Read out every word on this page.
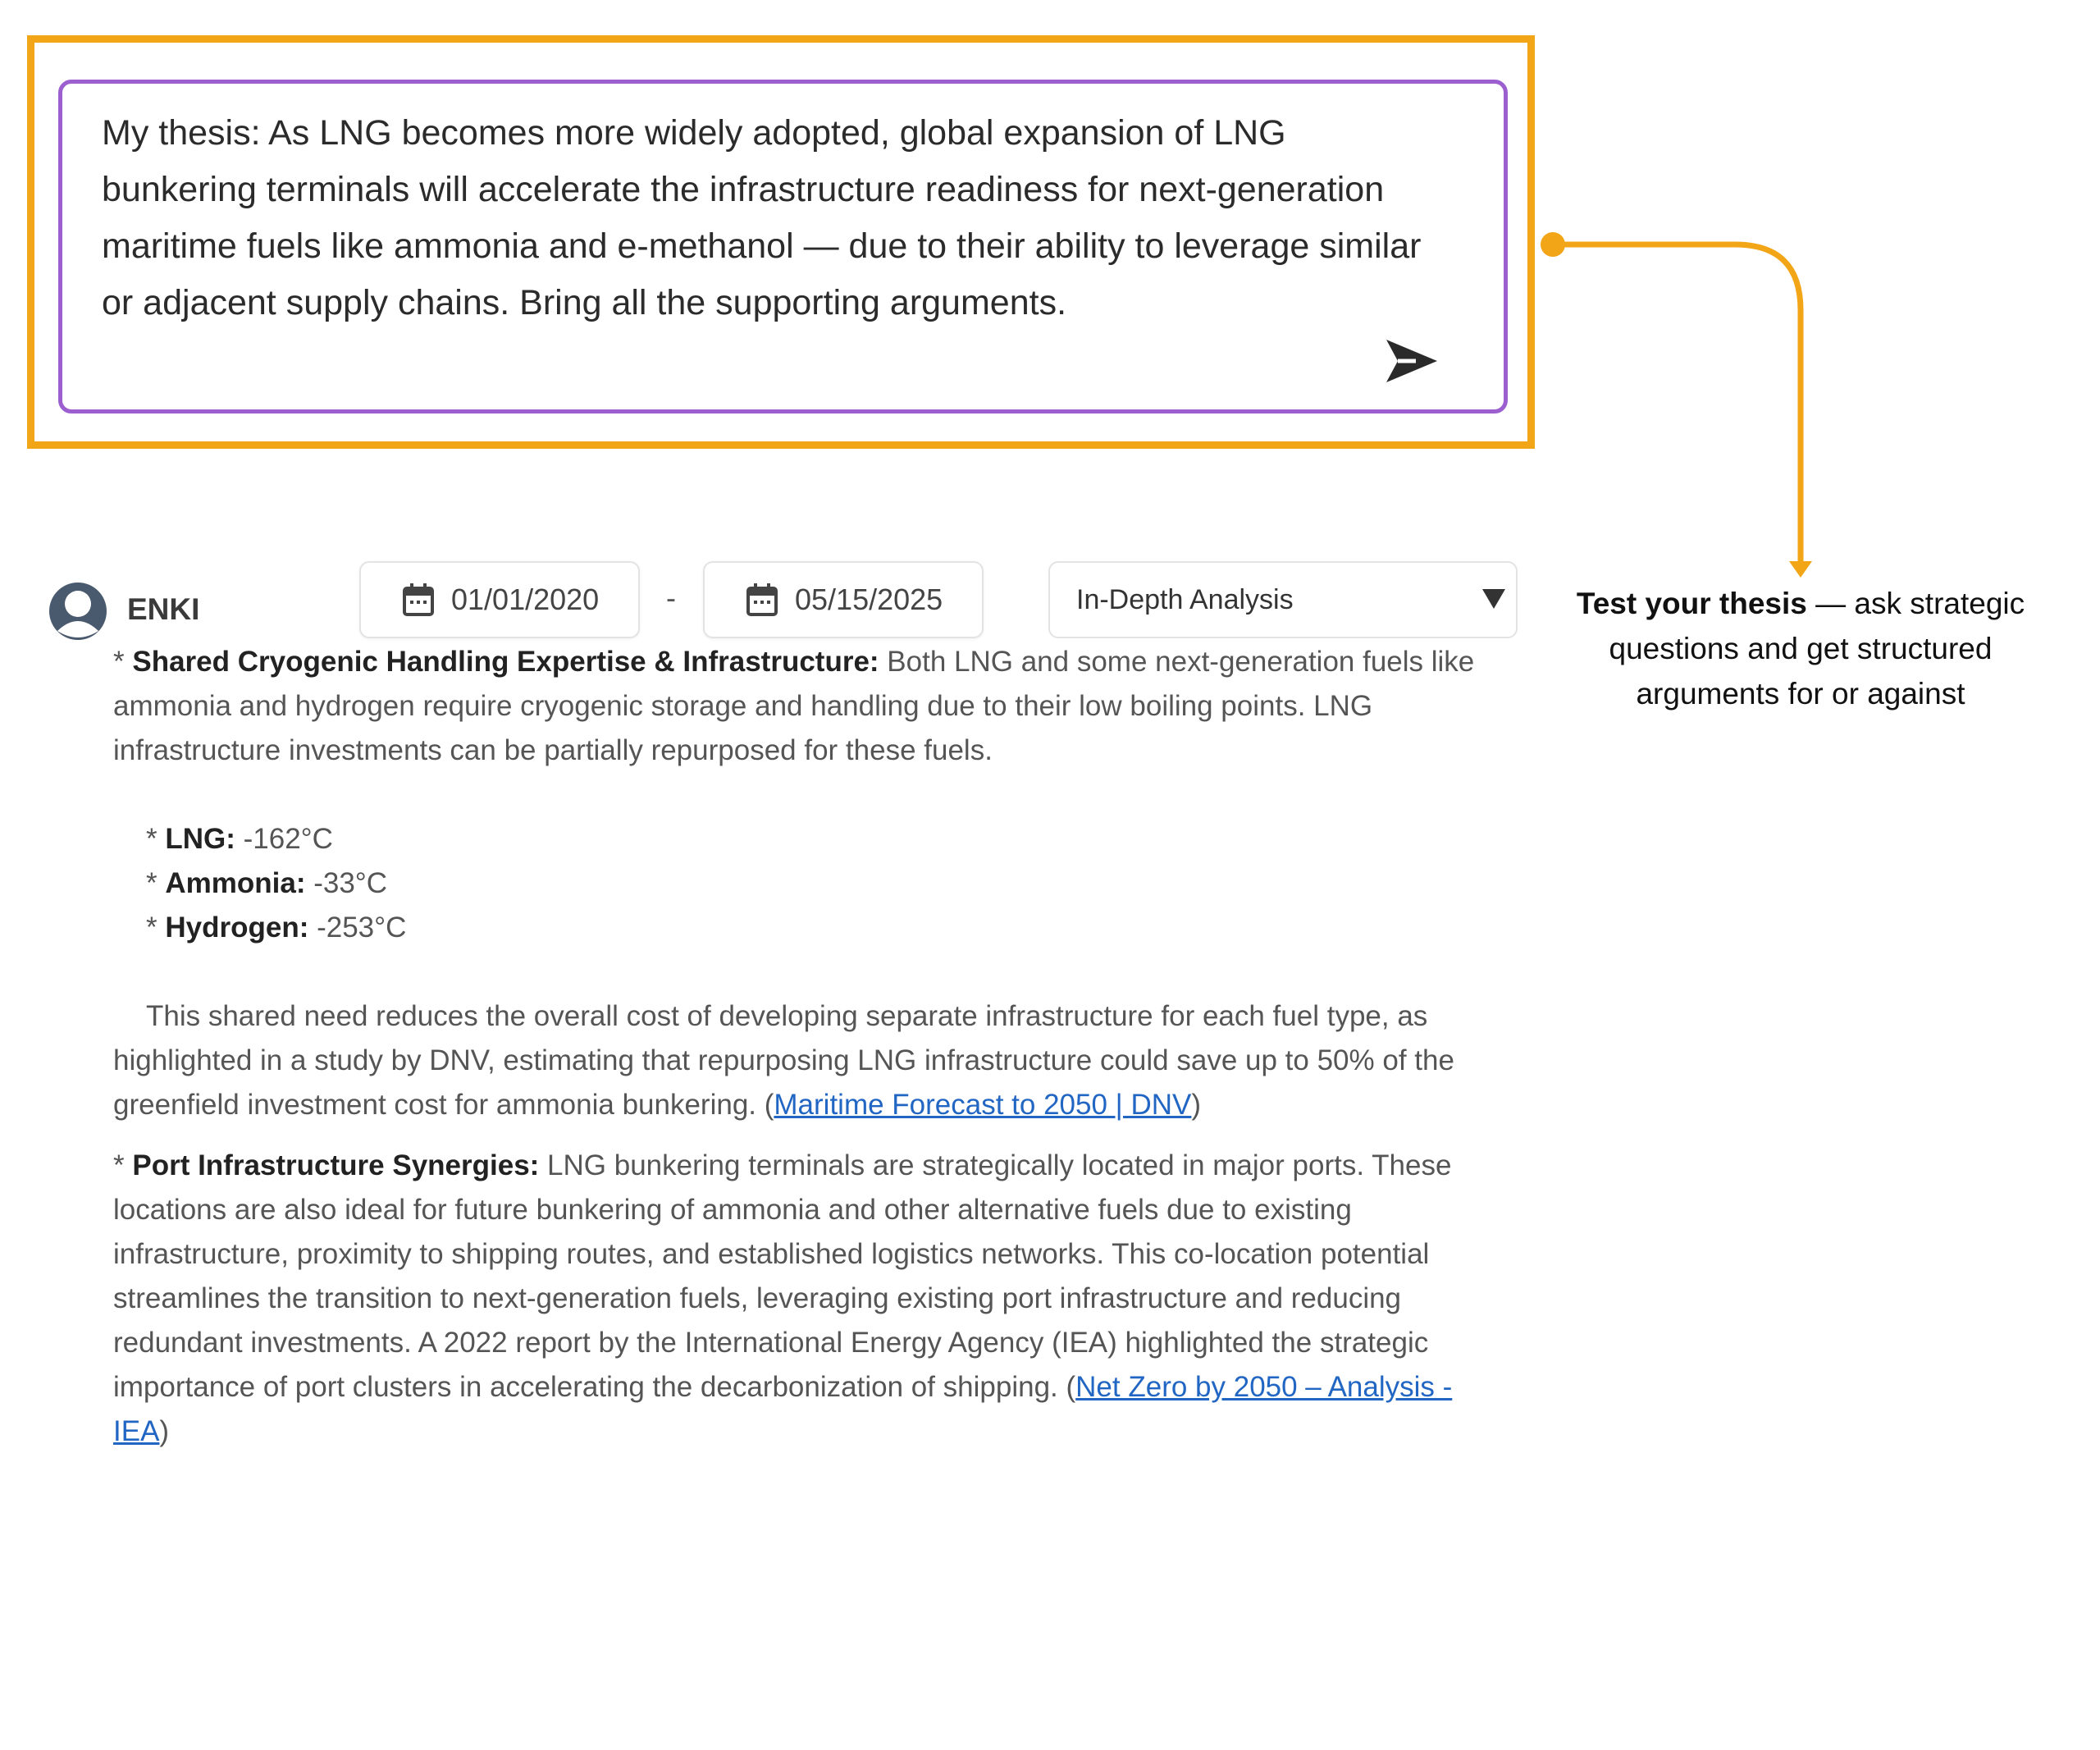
My thesis: As LNG becomes more widely adopted, global expansion of LNG bunkering terminals will accelerate the infrastructure readiness for next-generation maritime fuels like ammonia and e-methanol — due to their ability to leverage similar or adjacent supply chains. Bring all the supporting arguments.

Test your thesis — ask strategic questions and get structured arguments for or against
ENKI	01/01/2020 -	05/15/2025	In-Depth Analysis

* Shared Cryogenic Handling Expertise & Infrastructure: Both LNG and some next-generation fuels like ammonia and hydrogen require cryogenic storage and handling due to their low boiling points. LNG infrastructure investments can be partially repurposed for these fuels.

* LNG: -162°C
* Ammonia: -33°C
* Hydrogen: -253°C

This shared need reduces the overall cost of developing separate infrastructure for each fuel type, as highlighted in a study by DNV, estimating that repurposing LNG infrastructure could save up to 50% of the greenfield investment cost for ammonia bunkering. (Maritime Forecast to 2050 | DNV)

* Port Infrastructure Synergies: LNG bunkering terminals are strategically located in major ports. These locations are also ideal for future bunkering of ammonia and other alternative fuels due to existing infrastructure, proximity to shipping routes, and established logistics networks. This co-location potential streamlines the transition to next-generation fuels, leveraging existing port infrastructure and reducing redundant investments. A 2022 report by the International Energy Agency (IEA) highlighted the strategic importance of port clusters in accelerating the decarbonization of shipping. (Net Zero by 2050 – Analysis - IEA)
